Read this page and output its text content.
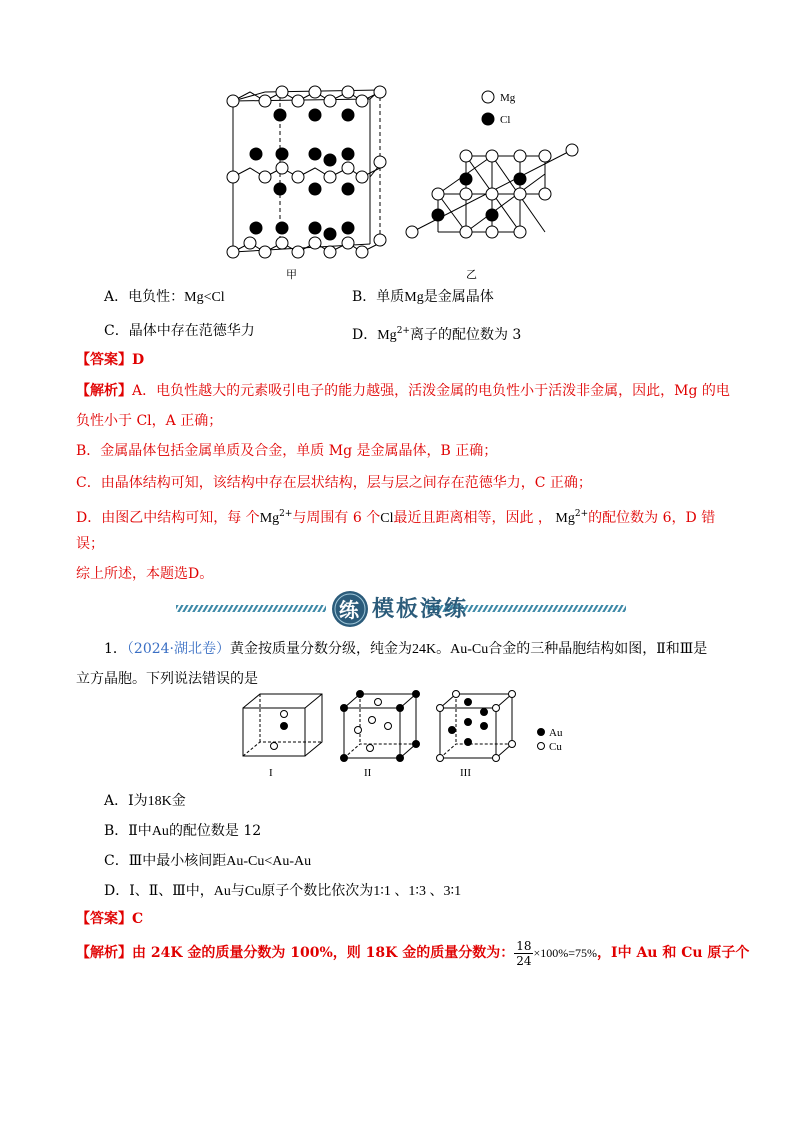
Mg
Cl
甲	乙
A．电负性：Mg<Cl	B．单质Mg是金属晶体
C．晶体中存在范德华力	D．$Mg^{2+}$离子的配位数为 3
【答案】D
【解析】A．电负性越大的元素吸引电子的能力越强，活泼金属的电负性小于活泼非金属，因此，Mg 的电
负性小于 Cl，A 正确；
B．金属晶体包括金属单质及合金，单质 Mg 是金属晶体，B 正确；
C．由晶体结构可知，该结构中存在层状结构，层与层之间存在范德华力，C 正确；
D．由图乙中结构可知，每 个$Mg^{2+}$与周围有 6 个Cl最近且距离相等，因此 ， $Mg^{2+}$的配位数为 6，D 错
误；
综上所述，本题选D。
练 模板演练
1．（2024·湖北卷）黄金按质量分数分级，纯金为24K。Au-Cu合金的三种晶胞结构如图，Ⅱ和Ⅲ是
立方晶胞。下列说法错误的是
I	II	III
Au
Cu
A．Ⅰ为18K金
B．Ⅱ中Au的配位数是 12
C．Ⅲ中最小核间距Au-Cu<Au-Au
D．Ⅰ、Ⅱ、Ⅲ中，Au与Cu原子个数比依次为1∶1 、1∶3 、3∶1
【答案】C
【解析】由 24K 金的质量分数为 100%，则 18K 金的质量分数为： $\frac{18}{24} \times 100\%=75\%$，Ⅰ中 Au 和 Cu 原子个
